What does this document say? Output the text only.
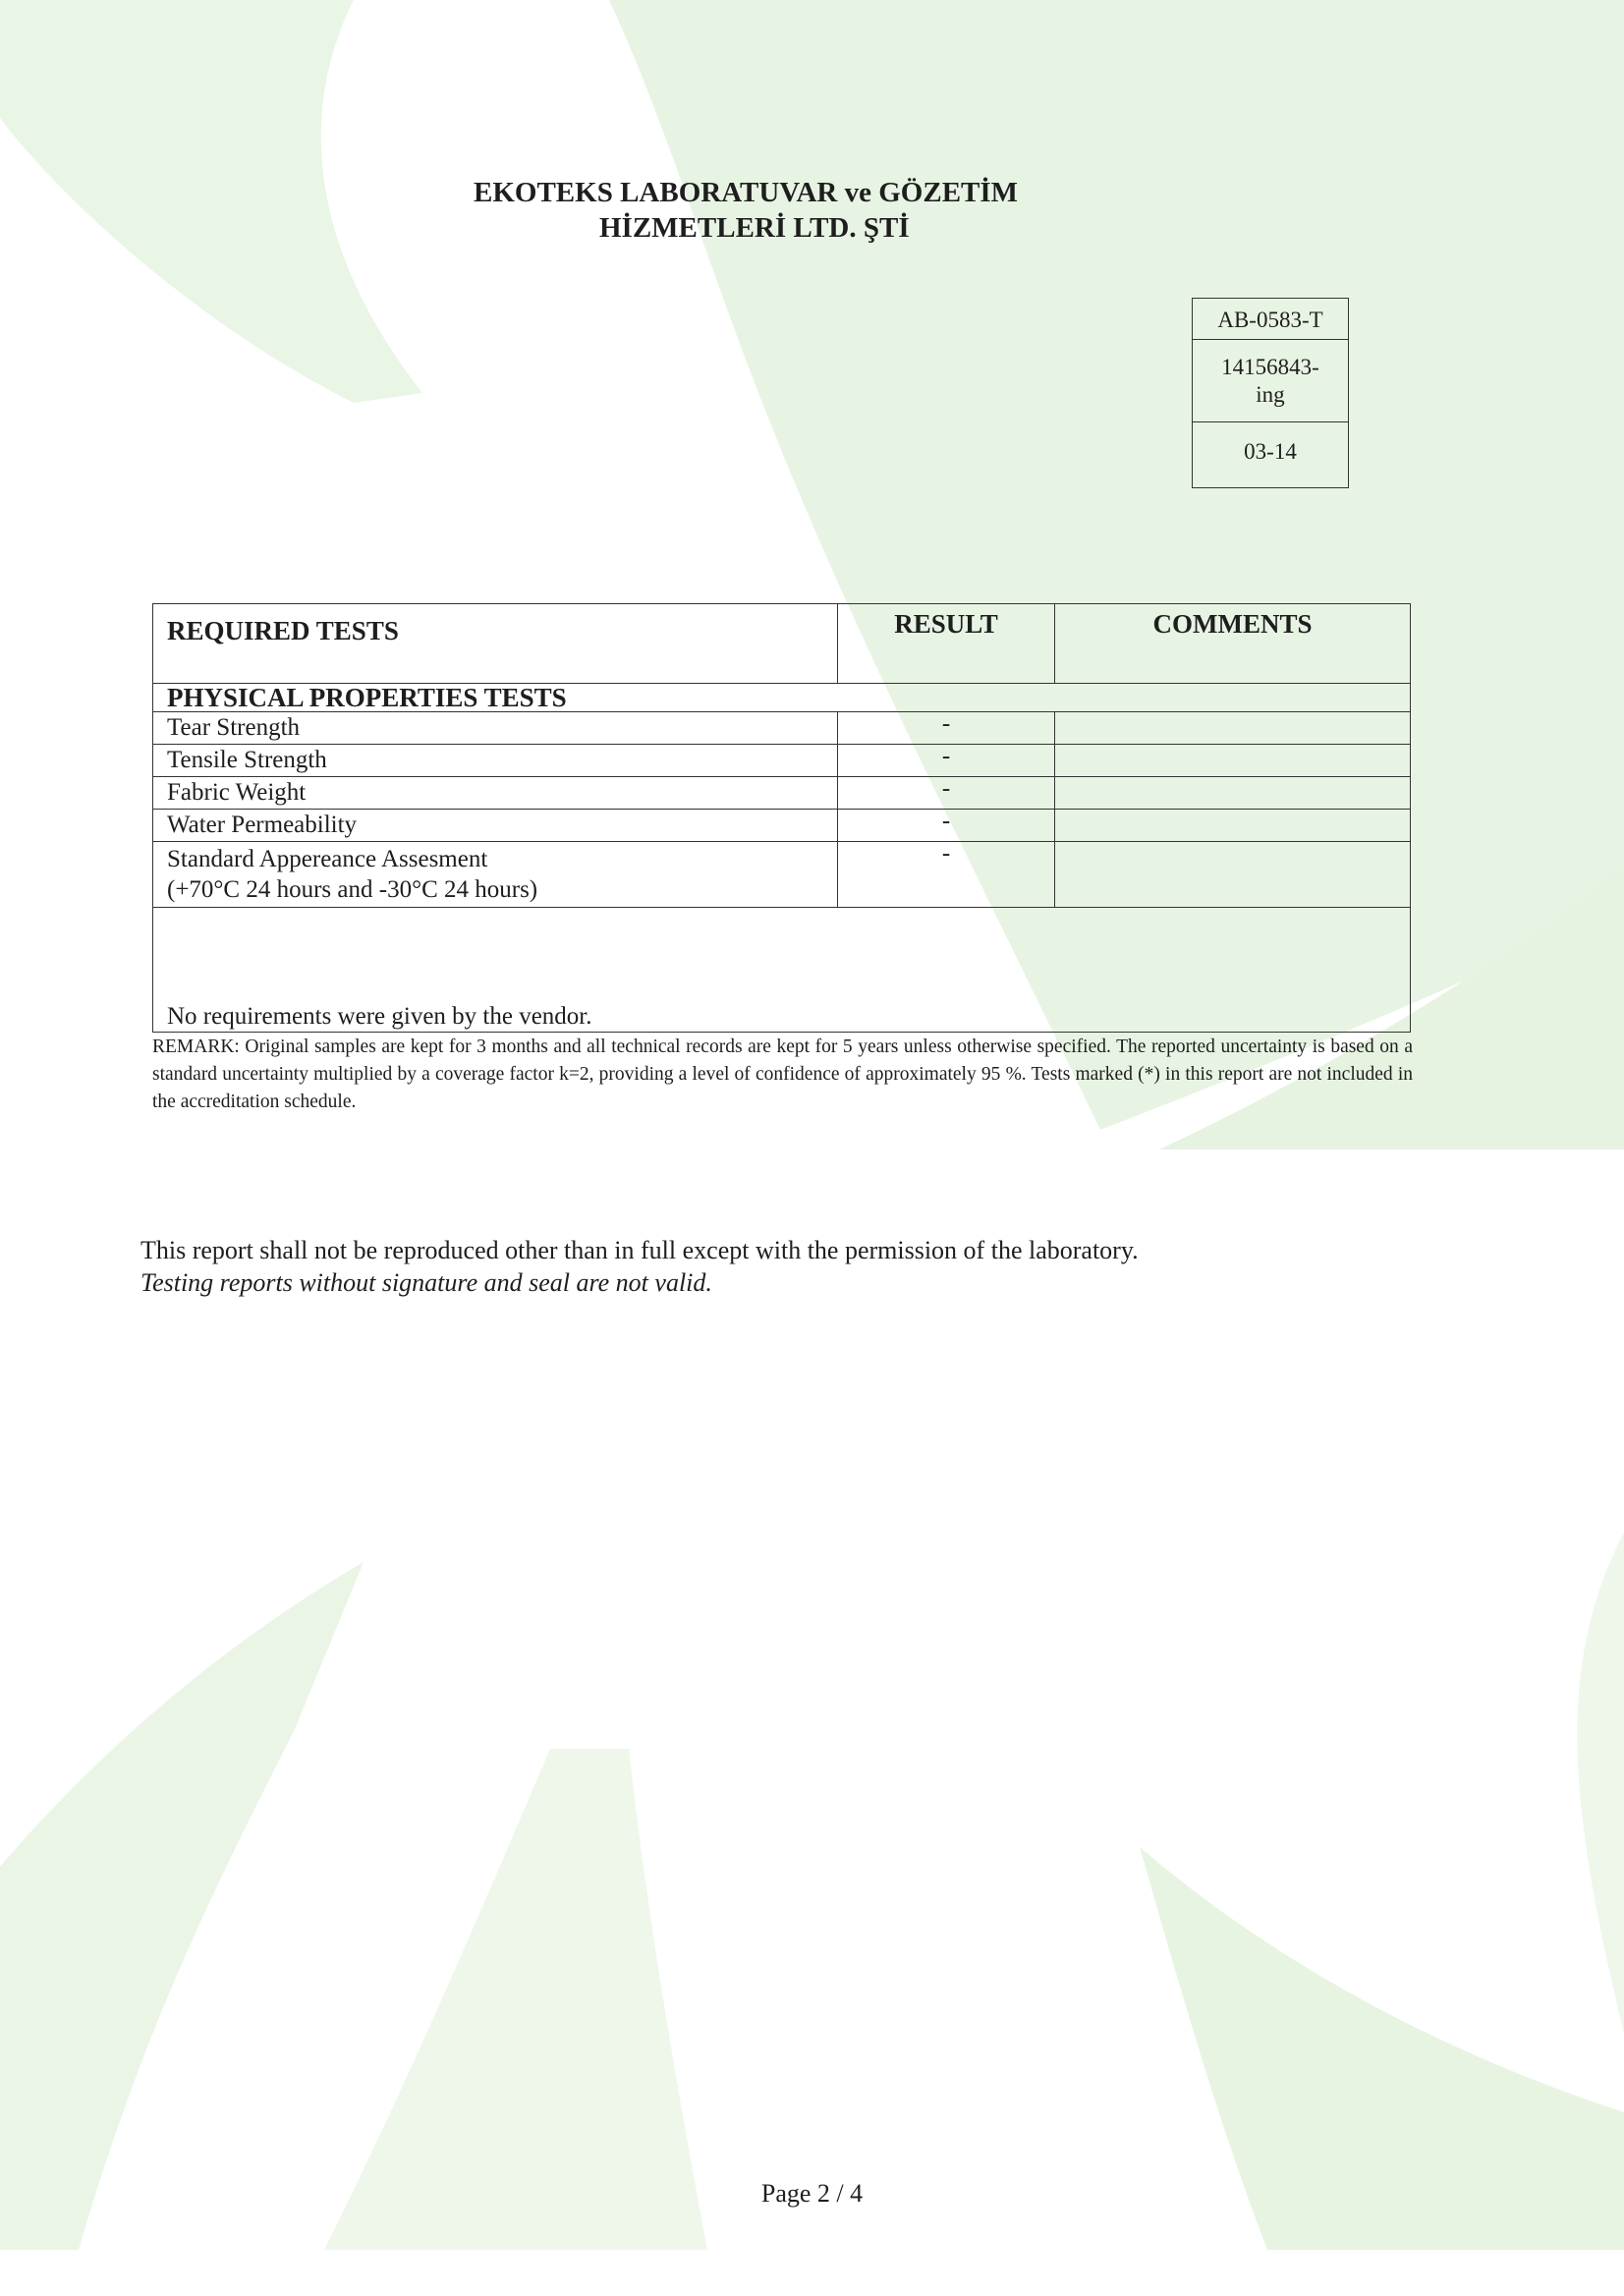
EKOTEKS LABORATUVAR ve GÖZETİM
HİZMETLERİ LTD. ŞTİ
AB-0583-T
14156843-
ing
03-14
REQUIRED TESTS	RESULT	COMMENTS
PHYSICAL PROPERTIES TESTS		
Tear Strength	-	
Tensile Strength	-	
Fabric Weight	-	
Water Permeability	-	
Standard Appereance Assesment
(+70°C 24 hours and -30°C 24 hours)	-	
No requirements were given by the vendor.		
REMARK: Original samples are kept for 3 months and all technical records are kept for 5 years unless otherwise specified. The reported uncertainty is based on a standard uncertainty multiplied by a coverage factor k=2, providing a level of confidence of approximately 95 %. Tests marked (*) in this report are not included in the accreditation schedule.
This report shall not be reproduced other than in full except with the permission of the laboratory.
Testing reports without signature and seal are not valid.
Page 2 / 4
